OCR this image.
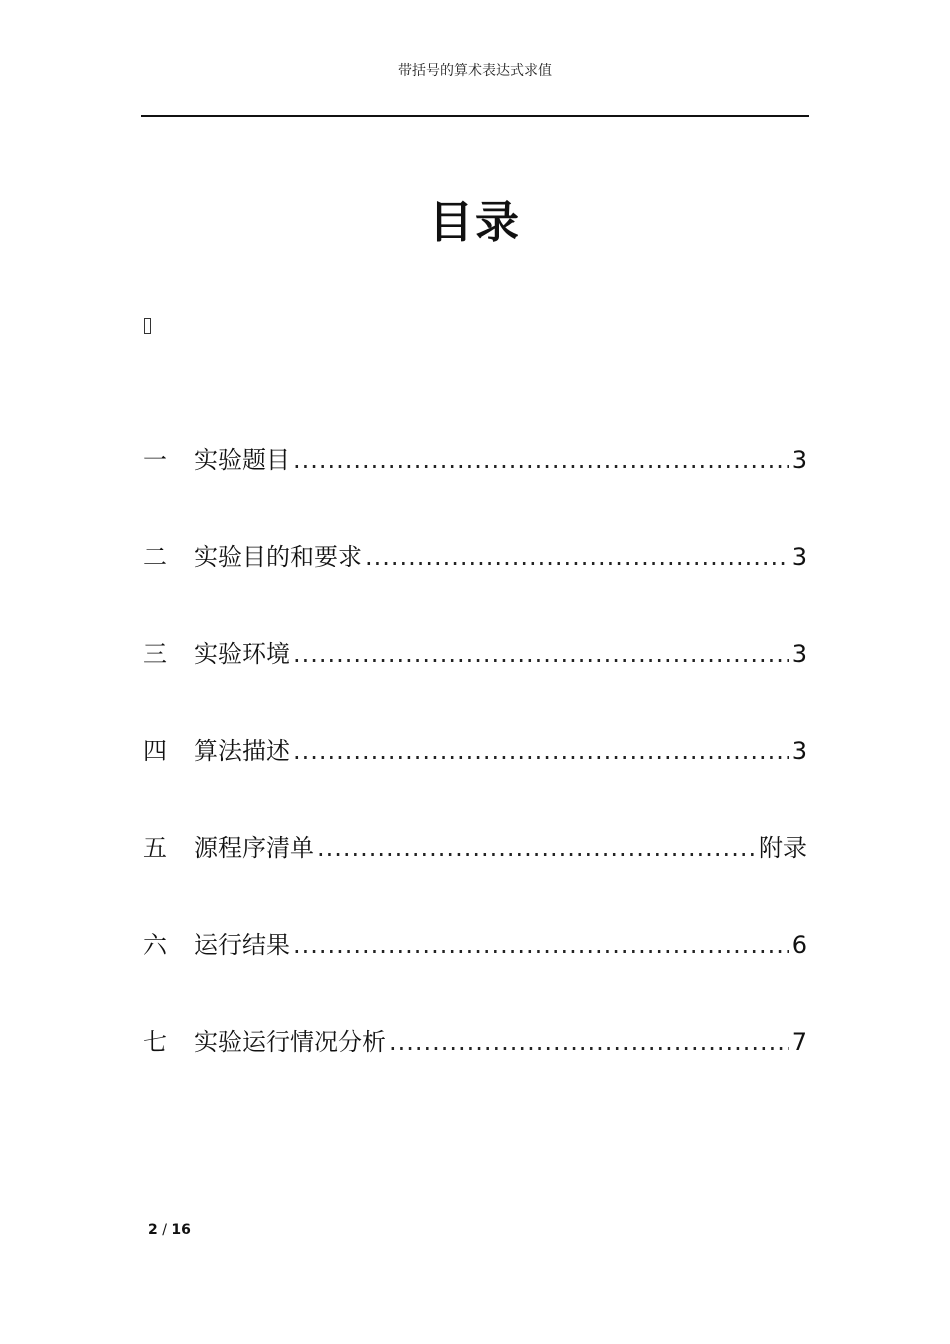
带括号的算术表达式求值
目录
一	实验题目 .....	3
二	实验目的和要求 .....	3
三	实验环境 .....	3
四	算法描述 .....	3
五	源程序清单 .....	附录
六	运行结果 .....	6
七	实验运行情况分析 .....	7
2 / 16
